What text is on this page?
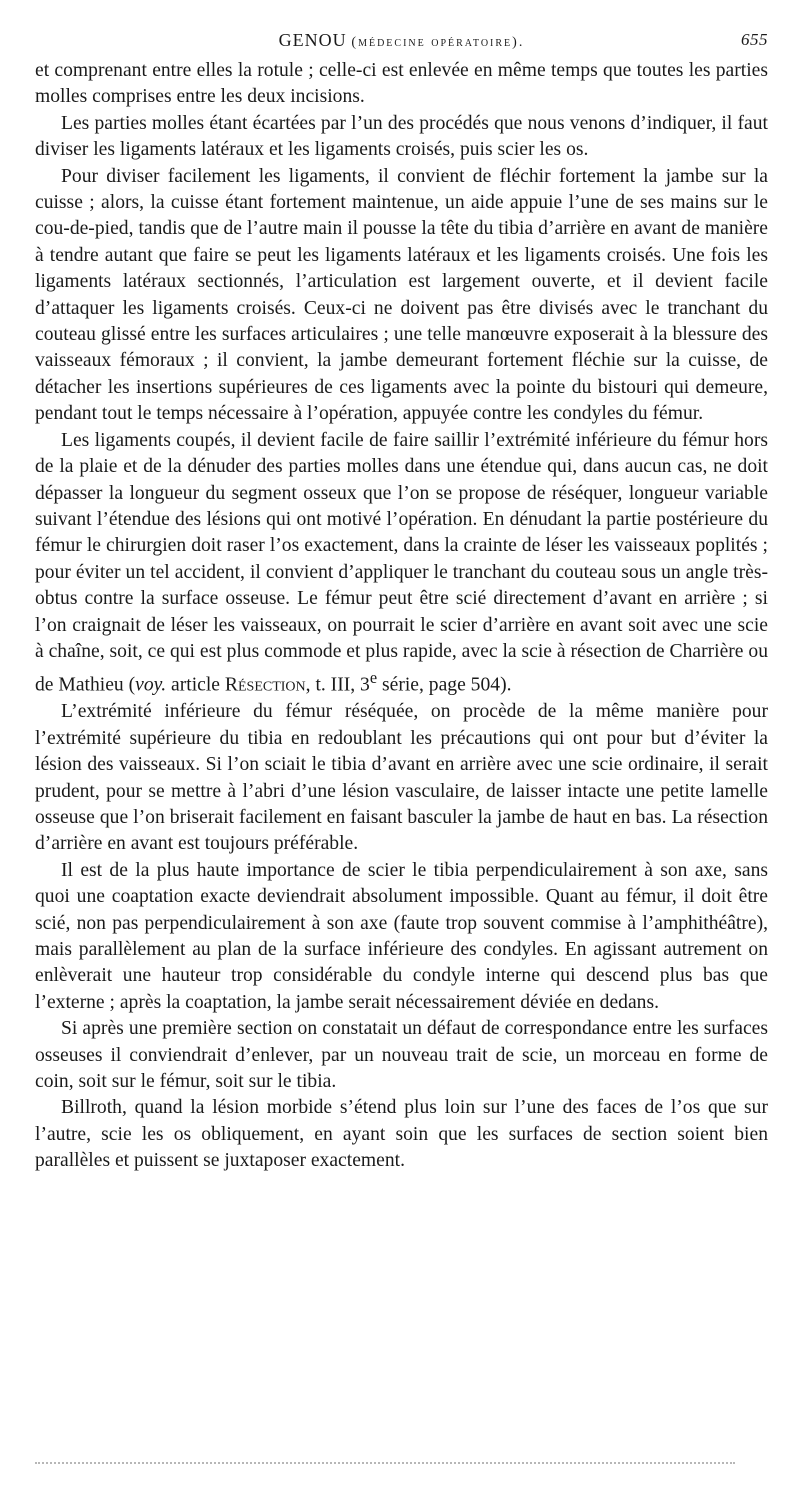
GENOU (médecine opératoire).	655

et comprenant entre elles la rotule ; celle-ci est enlevée en même temps que toutes les parties molles comprises entre les deux incisions.

Les parties molles étant écartées par l’un des procédés que nous venons d’indiquer, il faut diviser les ligaments latéraux et les ligaments croisés, puis scier les os.

Pour diviser facilement les ligaments, il convient de fléchir fortement la jambe sur la cuisse ; alors, la cuisse étant fortement maintenue, un aide appuie l’une de ses mains sur le cou-de-pied, tandis que de l’autre main il pousse la tête du tibia d’arrière en avant de manière à tendre autant que faire se peut les ligaments latéraux et les ligaments croisés. Une fois les ligaments latéraux sectionnés, l’articulation est largement ouverte, et il devient facile d’attaquer les ligaments croisés. Ceux-ci ne doivent pas être divisés avec le tranchant du couteau glissé entre les surfaces articulaires ; une telle manœuvre exposerait à la blessure des vaisseaux fémoraux ; il convient, la jambe demeurant fortement fléchie sur la cuisse, de détacher les insertions supérieures de ces ligaments avec la pointe du bistouri qui demeure, pendant tout le temps nécessaire à l’opération, appuyée contre les condyles du fémur.

Les ligaments coupés, il devient facile de faire saillir l’extrémité inférieure du fémur hors de la plaie et de la dénuder des parties molles dans une étendue qui, dans aucun cas, ne doit dépasser la longueur du segment osseux que l’on se propose de réséquer, longueur variable suivant l’étendue des lésions qui ont motivé l’opération. En dénudant la partie postérieure du fémur le chirurgien doit raser l’os exactement, dans la crainte de léser les vaisseaux poplités ; pour éviter un tel accident, il convient d’appliquer le tranchant du couteau sous un angle très-obtus contre la surface osseuse. Le fémur peut être scié directement d’avant en arrière ; si l’on craignait de léser les vaisseaux, on pourrait le scier d’arrière en avant soit avec une scie à chaîne, soit, ce qui est plus commode et plus rapide, avec la scie à résection de Charrière ou de Mathieu (voy. article Résection, t. III, 3e série, page 504).

L’extrémité inférieure du fémur réséquée, on procède de la même manière pour l’extrémité supérieure du tibia en redoublant les précautions qui ont pour but d’éviter la lésion des vaisseaux. Si l’on sciait le tibia d’avant en arrière avec une scie ordinaire, il serait prudent, pour se mettre à l’abri d’une lésion vasculaire, de laisser intacte une petite lamelle osseuse que l’on briserait facilement en faisant basculer la jambe de haut en bas. La résection d’arrière en avant est toujours préférable.

Il est de la plus haute importance de scier le tibia perpendiculairement à son axe, sans quoi une coaptation exacte deviendrait absolument impossible. Quant au fémur, il doit être scié, non pas perpendiculairement à son axe (faute trop souvent commise à l’amphithéâtre), mais parallèlement au plan de la surface inférieure des condyles. En agissant autrement on enlèverait une hauteur trop considérable du condyle interne qui descend plus bas que l’externe ; après la coaptation, la jambe serait nécessairement déviée en dedans.

Si après une première section on constatait un défaut de correspondance entre les surfaces osseuses il conviendrait d’enlever, par un nouveau trait de scie, un morceau en forme de coin, soit sur le fémur, soit sur le tibia.

Billroth, quand la lésion morbide s’étend plus loin sur l’une des faces de l’os que sur l’autre, scie les os obliquement, en ayant soin que les surfaces de section soient bien parallèles et puissent se juxtaposer exactement.
